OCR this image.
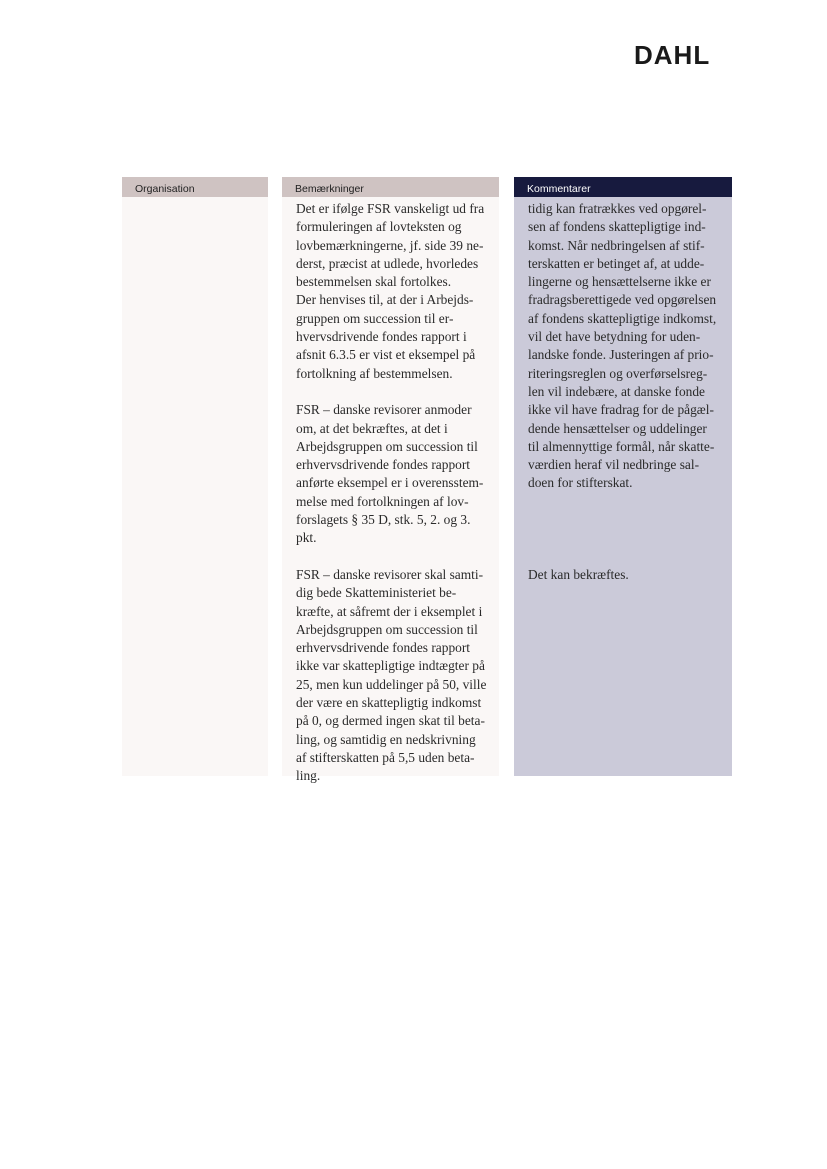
DAHL
Organisation	Bemærkninger

Det er ifølge FSR vanskeligt ud fra
formuleringen af lovteksten og
lovbemærkningerne, jf. side 39 ne-
derst, præcist at udlede, hvorledes
bestemmelsen skal fortolkes.

Der henvises til, at der i Arbejds-
gruppen om succession til er-
hvervsdrivende fondes rapport i
afsnit 6.3.5 er vist et eksempel på
fortolkning af bestemmelsen.

FSR – danske revisorer anmoder
om, at det bekræftes, at det i
Arbejdsgruppen om succession til
erhvervsdrivende fondes rapport
anførte eksempel er i overensstem-
melse med fortolkningen af lov-
forslagets § 35 D, stk. 5, 2. og 3.
pkt.

FSR – danske revisorer skal samti-
dig bede Skatteministeriet be-
kræfte, at såfremt der i eksemplet i
Arbejdsgruppen om succession til
erhvervsdrivende fondes rapport
ikke var skattepligtige indtægter på
25, men kun uddelinger på 50, ville
der være en skattepligtig indkomst
på 0, og dermed ingen skat til beta-
ling, og samtidig en nedskrivning
af stifterskatten på 5,5 uden beta-
ling.

Kommentarer

tidig kan fratrækkes ved opgørel-
sen af fondens skattepligtige ind-
komst. Når nedbringelsen af stif-
terskatten er betinget af, at udde-
lingerne og hensættelserne ikke er
fradragsberettigede ved opgørelsen
af fondens skattepligtige indkomst,
vil det have betydning for uden-
landske fonde. Justeringen af prio-
riteringsreglen og overførselsreg-
len vil indebære, at danske fonde
ikke vil have fradrag for de pågæl-
dende hensættelser og uddelinger
til almennyttige formål, når skatte-
værdien heraf vil nedbringe sal-
doen for stifterskat.

Det kan bekræftes.
